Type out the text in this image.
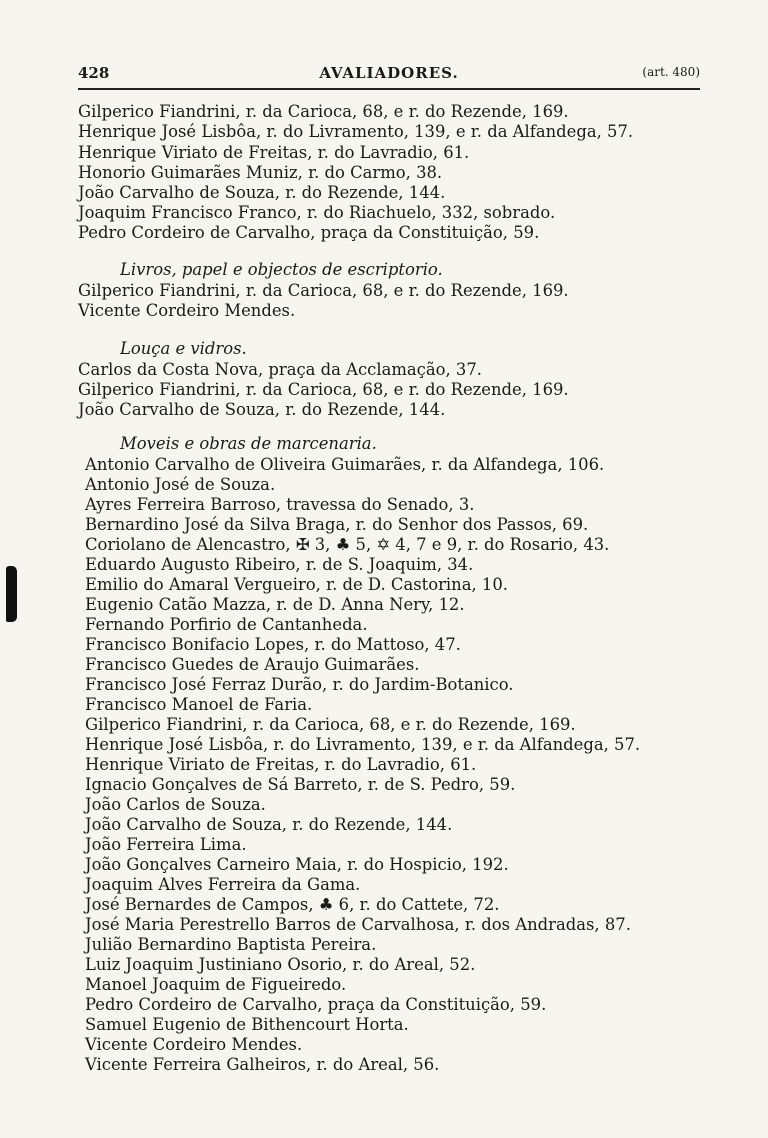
428	AVALIADORES.	(art. 480)
Gilperico Fiandrini, r. da Carioca, 68, e r. do Rezende, 169.
Henrique José Lisbôa, r. do Livramento, 139, e r. da Alfandega, 57.
Henrique Viriato de Freitas, r. do Lavradio, 61.
Honorio Guimarães Muniz, r. do Carmo, 38.
João Carvalho de Souza, r. do Rezende, 144.
Joaquim Francisco Franco, r. do Riachuelo, 332, sobrado.
Pedro Cordeiro de Carvalho, praça da Constituição, 59.
Livros, papel e objectos de escriptorio.
Gilperico Fiandrini, r. da Carioca, 68, e r. do Rezende, 169.
Vicente Cordeiro Mendes.
Louça e vidros.
Carlos da Costa Nova, praça da Acclamação, 37.
Gilperico Fiandrini, r. da Carioca, 68, e r. do Rezende, 169.
João Carvalho de Souza, r. do Rezende, 144.
Moveis e obras de marcenaria.
Antonio Carvalho de Oliveira Guimarães, r. da Alfandega, 106.
Antonio José de Souza.
Ayres Ferreira Barroso, travessa do Senado, 3.
Bernardino José da Silva Braga, r. do Senhor dos Passos, 69.
Coriolano de Alencastro, ✠ 3, ♣ 5, ✡ 4, 7 e 9, r. do Rosario, 43.
Eduardo Augusto Ribeiro, r. de S. Joaquim, 34.
Emilio do Amaral Vergueiro, r. de D. Castorina, 10.
Eugenio Catão Mazza, r. de D. Anna Nery, 12.
Fernando Porfirio de Cantanheda.
Francisco Bonifacio Lopes, r. do Mattoso, 47.
Francisco Guedes de Araujo Guimarães.
Francisco José Ferraz Durão, r. do Jardim-Botanico.
Francisco Manoel de Faria.
Gilperico Fiandrini, r. da Carioca, 68, e r. do Rezende, 169.
Henrique José Lisbôa, r. do Livramento, 139, e r. da Alfandega, 57.
Henrique Viriato de Freitas, r. do Lavradio, 61.
Ignacio Gonçalves de Sá Barreto, r. de S. Pedro, 59.
João Carlos de Souza.
João Carvalho de Souza, r. do Rezende, 144.
João Ferreira Lima.
João Gonçalves Carneiro Maia, r. do Hospicio, 192.
Joaquim Alves Ferreira da Gama.
José Bernardes de Campos, ♣ 6, r. do Cattete, 72.
José Maria Perestrello Barros de Carvalhosa, r. dos Andradas, 87.
Julião Bernardino Baptista Pereira.
Luiz Joaquim Justiniano Osorio, r. do Areal, 52.
Manoel Joaquim de Figueiredo.
Pedro Cordeiro de Carvalho, praça da Constituição, 59.
Samuel Eugenio de Bithencourt Horta.
Vicente Cordeiro Mendes.
Vicente Ferreira Galheiros, r. do Areal, 56.
